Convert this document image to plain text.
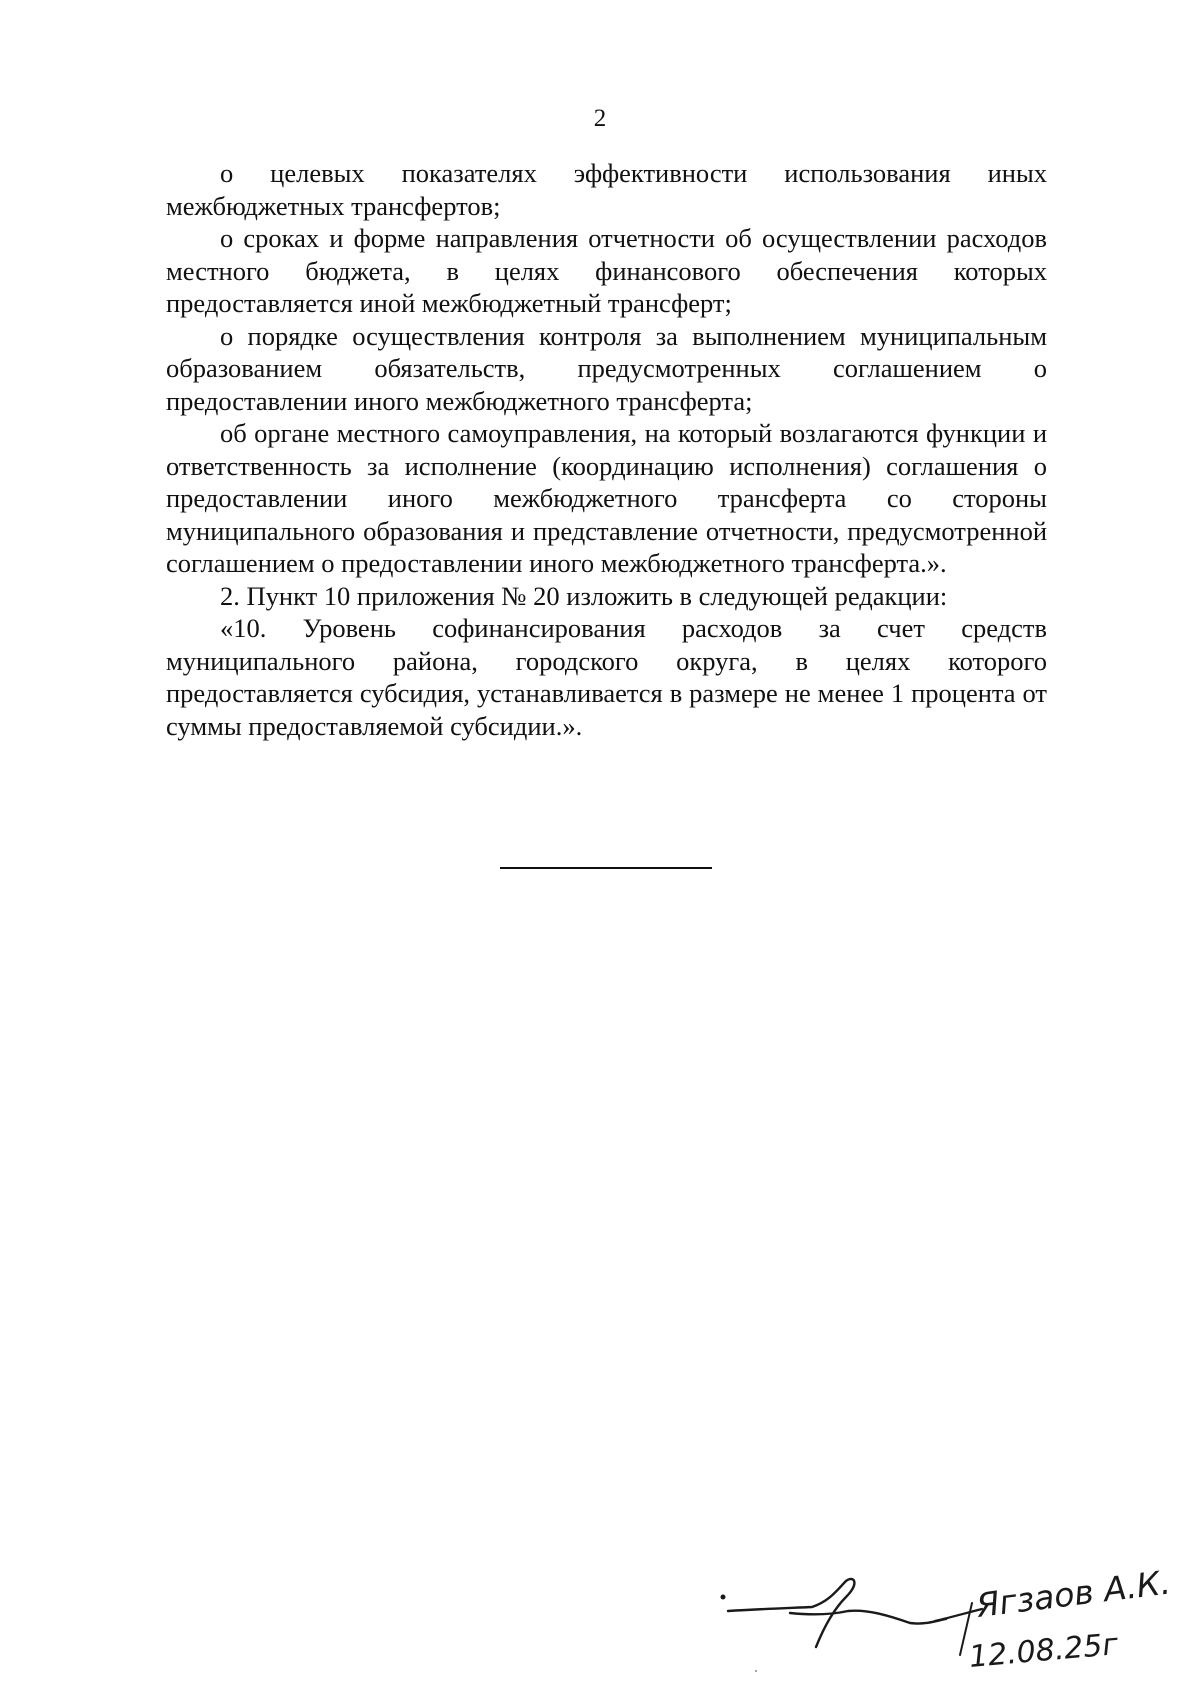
2

о целевых показателях эффективности использования иных межбюджетных трансфертов;

о сроках и форме направления отчетности об осуществлении расходов местного бюджета, в целях финансового обеспечения которых предоставляется иной межбюджетный трансферт;

о порядке осуществления контроля за выполнением муниципальным образованием обязательств, предусмотренных соглашением о предоставлении иного межбюджетного трансферта;

об органе местного самоуправления, на который возлагаются функции и ответственность за исполнение (координацию исполнения) соглашения о предоставлении иного межбюджетного трансферта со стороны муниципального образования и представление отчетности, предусмотренной соглашением о предоставлении иного межбюджетного трансферта.».

2. Пункт 10 приложения № 20 изложить в следующей редакции:

«10. Уровень софинансирования расходов за счет средств муниципального района, городского округа, в целях которого предоставляется субсидия, устанавливается в размере не менее 1 процента от суммы предоставляемой субсидии.».

Ягзаов А.К.
12.08.25г
